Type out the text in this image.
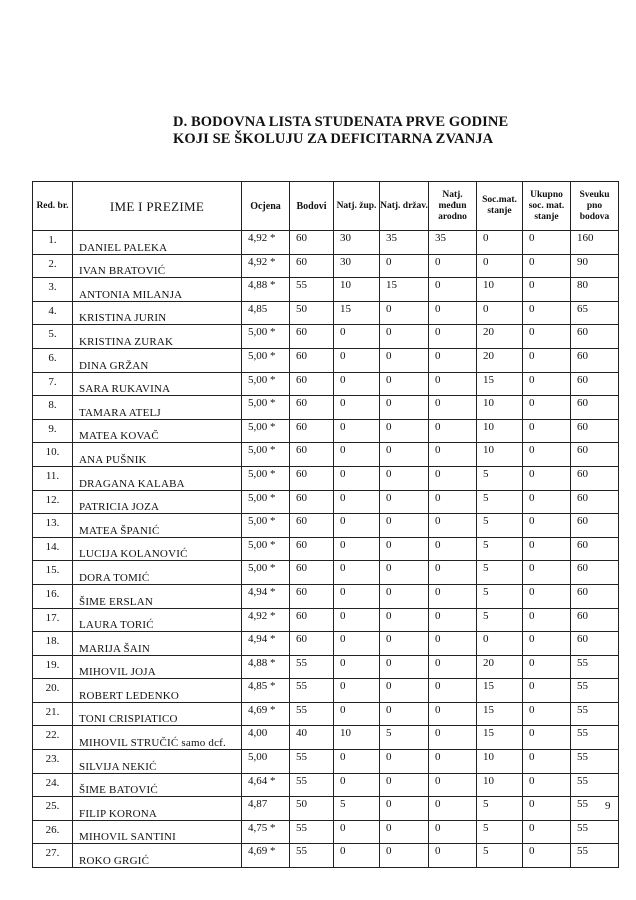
D. BODOVNA LISTA STUDENATA PRVE GODINE
KOJI SE ŠKOLUJU ZA DEFICITARNA ZVANJA
Red. br.	IME I PREZIME	Ocjena	Bodovi	Natj. žup.	Natj. držav.	Natj. međun arodno	Soc.mat. stanje	Ukupno soc. mat. stanje	Sveuku pno bodova
1.	DANIEL PALEKA	4,92 *	60	30	35	35	0	0	160
2.	IVAN BRATOVIĆ	4,92 *	60	30	0	0	0	0	90
3.	ANTONIA MILANJA	4,88 *	55	10	15	0	10	0	80
4.	KRISTINA JURIN	4,85	50	15	0	0	0	0	65
5.	KRISTINA ZURAK	5,00 *	60	0	0	0	20	0	60
6.	DINA GRŽAN	5,00 *	60	0	0	0	20	0	60
7.	SARA RUKAVINA	5,00 *	60	0	0	0	15	0	60
8.	TAMARA ATELJ	5,00 *	60	0	0	0	10	0	60
9.	MATEA KOVAČ	5,00 *	60	0	0	0	10	0	60
10.	ANA PUŠNIK	5,00 *	60	0	0	0	10	0	60
11.	DRAGANA KALABA	5,00 *	60	0	0	0	5	0	60
12.	PATRICIA JOZA	5,00 *	60	0	0	0	5	0	60
13.	MATEA ŠPANIĆ	5,00 *	60	0	0	0	5	0	60
14.	LUCIJA KOLANOVIĆ	5,00 *	60	0	0	0	5	0	60
15.	DORA TOMIĆ	5,00 *	60	0	0	0	5	0	60
16.	ŠIME ERSLAN	4,94 *	60	0	0	0	5	0	60
17.	LAURA TORIĆ	4,92 *	60	0	0	0	5	0	60
18.	MARIJA ŠAIN	4,94 *	60	0	0	0	0	0	60
19.	MIHOVIL JOJA	4,88 *	55	0	0	0	20	0	55
20.	ROBERT LEDENKO	4,85 *	55	0	0	0	15	0	55
21.	TONI CRISPIATICO	4,69 *	55	0	0	0	15	0	55
22.	MIHOVIL STRUČIĆ samo dcf.	4,00	40	10	5	0	15	0	55
23.	SILVIJA NEKIĆ	5,00	55	0	0	0	10	0	55
24.	ŠIME BATOVIĆ	4,64 *	55	0	0	0	10	0	55
25.	FILIP KORONA	4,87	50	5	0	0	5	0	55
26.	MIHOVIL SANTINI	4,75 *	55	0	0	0	5	0	55
27.	ROKO GRGIĆ	4,69 *	55	0	0	0	5	0	55
9
